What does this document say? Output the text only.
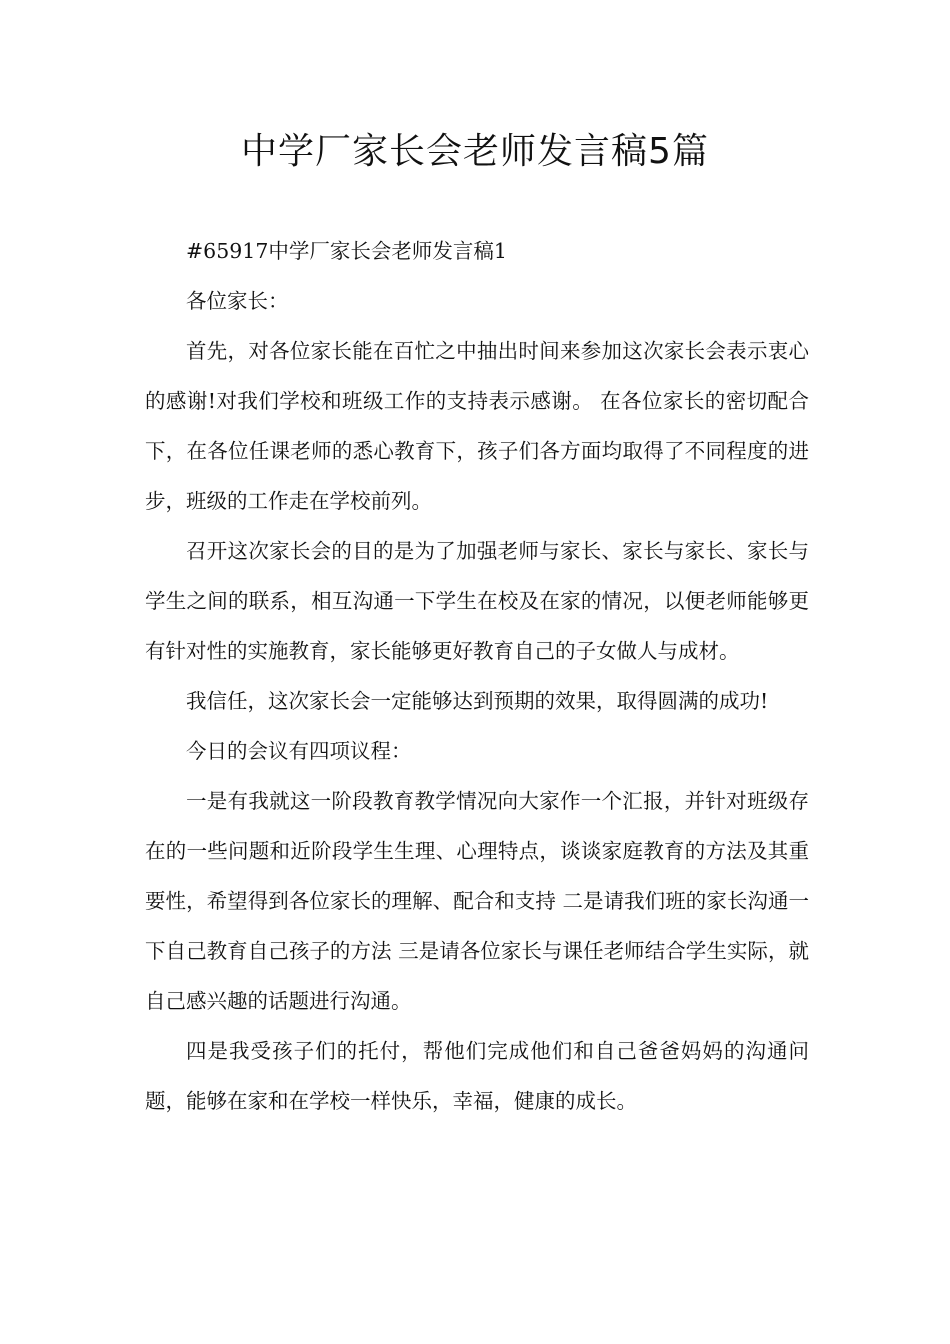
中学厂家长会老师发言稿5篇

#65917中学厂家长会老师发言稿1

各位家长：

首先，对各位家长能在百忙之中抽出时间来参加这次家长会表示衷心的感谢!对我们学校和班级工作的支持表示感谢。 在各位家长的密切配合下，在各位任课老师的悉心教育下，孩子们各方面均取得了不同程度的进步，班级的工作走在学校前列。

召开这次家长会的目的是为了加强老师与家长、家长与家长、家长与学生之间的联系，相互沟通一下学生在校及在家的情况，以便老师能够更有针对性的实施教育，家长能够更好教育自己的子女做人与成材。

我信任，这次家长会一定能够达到预期的效果，取得圆满的成功!

今日的会议有四项议程：

一是有我就这一阶段教育教学情况向大家作一个汇报，并针对班级存在的一些问题和近阶段学生生理、心理特点，谈谈家庭教育的方法及其重要性，希望得到各位家长的理解、配合和支持 二是请我们班的家长沟通一下自己教育自己孩子的方法 三是请各位家长与课任老师结合学生实际，就自己感兴趣的话题进行沟通。

四是我受孩子们的托付，帮他们完成他们和自己爸爸妈妈的沟通问题，能够在家和在学校一样快乐，幸福，健康的成长。
